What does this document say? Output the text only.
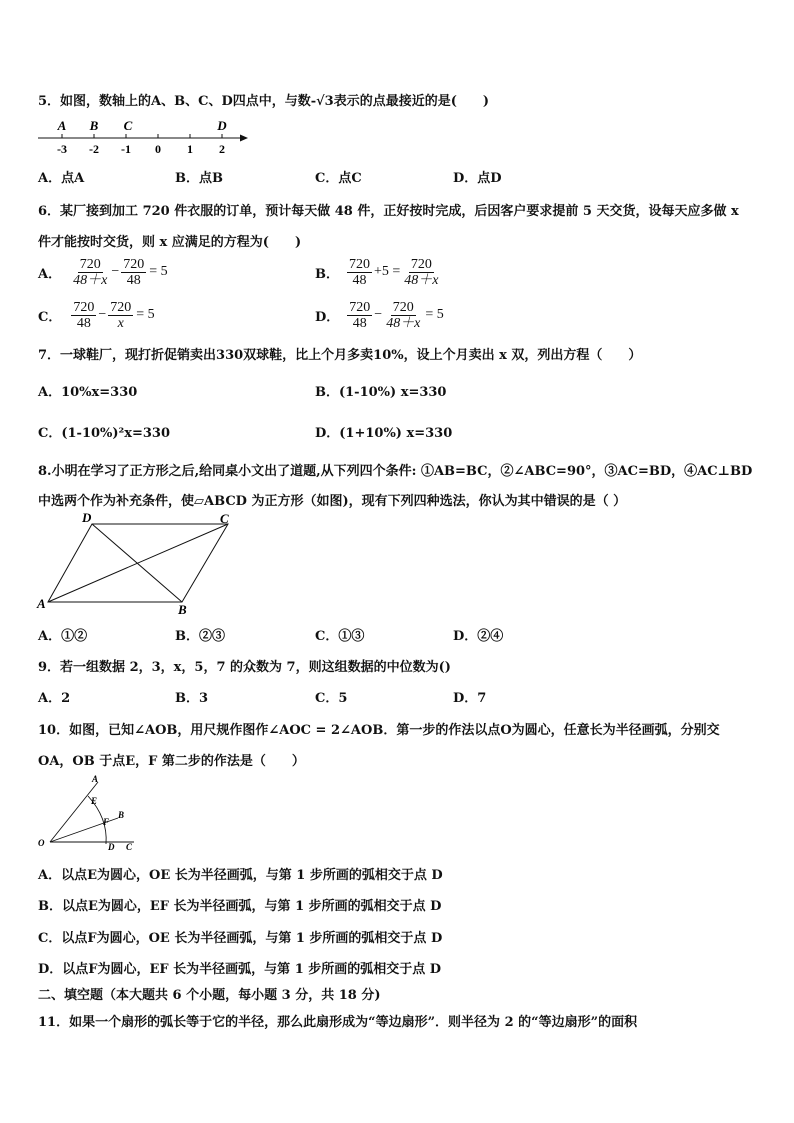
5．如图，数轴上的A、B、C、D四点中，与数-√3表示的点最接近的是(　　)
A B C	D
-3 -2 -1 0 1 2
A．点A	B．点B	C．点C	D．点D
6．某厂接到加工 720 件衣服的订单，预计每天做 48 件，正好按时完成，后因客户要求提前 5 天交货，设每天应多做 x
件才能按时交货，则 x 应满足的方程为(　　)
A． $\frac{720}{48+x} - \frac{720}{48} = 5$	B． $\frac{720}{48} +5 = \frac{720}{48+x}$
C． $\frac{720}{48} - \frac{720}{x} = 5$	D． $\frac{720}{48} - \frac{720}{48+x} = 5$
7．一球鞋厂，现打折促销卖出330双球鞋，比上个月多卖10%，设上个月卖出 x 双，列出方程（　　）
A．10%x=330	B．(1-10%) x=330
C．(1-10%)²x=330	D．(1+10%) x=330
8.小明在学习了正方形之后,给同桌小文出了道题,从下列四个条件: ①AB=BC，②∠ABC=90°，③AC=BD，④AC⊥BD
中选两个作为补充条件，使▱ABCD 为正方形（如图)，现有下列四种选法，你认为其中错误的是（ ）
D	C
A	B
A．①②	B．②③	C．①③	D．②④
9．若一组数据 2，3，x，5，7 的众数为 7，则这组数据的中位数为()
A．2	B．3	C．5	D．7
10．如图，已知∠AOB，用尺规作图作∠AOC = 2∠AOB．第一步的作法以点O为圆心，任意长为半径画弧，分别交
OA，OB 于点E，F 第二步的作法是（　　）
A
E
B
F
O	D C
A．以点E为圆心，OE 长为半径画弧，与第 1 步所画的弧相交于点 D
B．以点E为圆心，EF 长为半径画弧，与第 1 步所画的弧相交于点 D
C．以点F为圆心，OE 长为半径画弧，与第 1 步所画的弧相交于点 D
D．以点F为圆心，EF 长为半径画弧，与第 1 步所画的弧相交于点 D
二、填空题（本大题共 6 个小题，每小题 3 分，共 18 分)
11．如果一个扇形的弧长等于它的半径，那么此扇形成为“等边扇形”．则半径为 2 的“等边扇形”的面积
